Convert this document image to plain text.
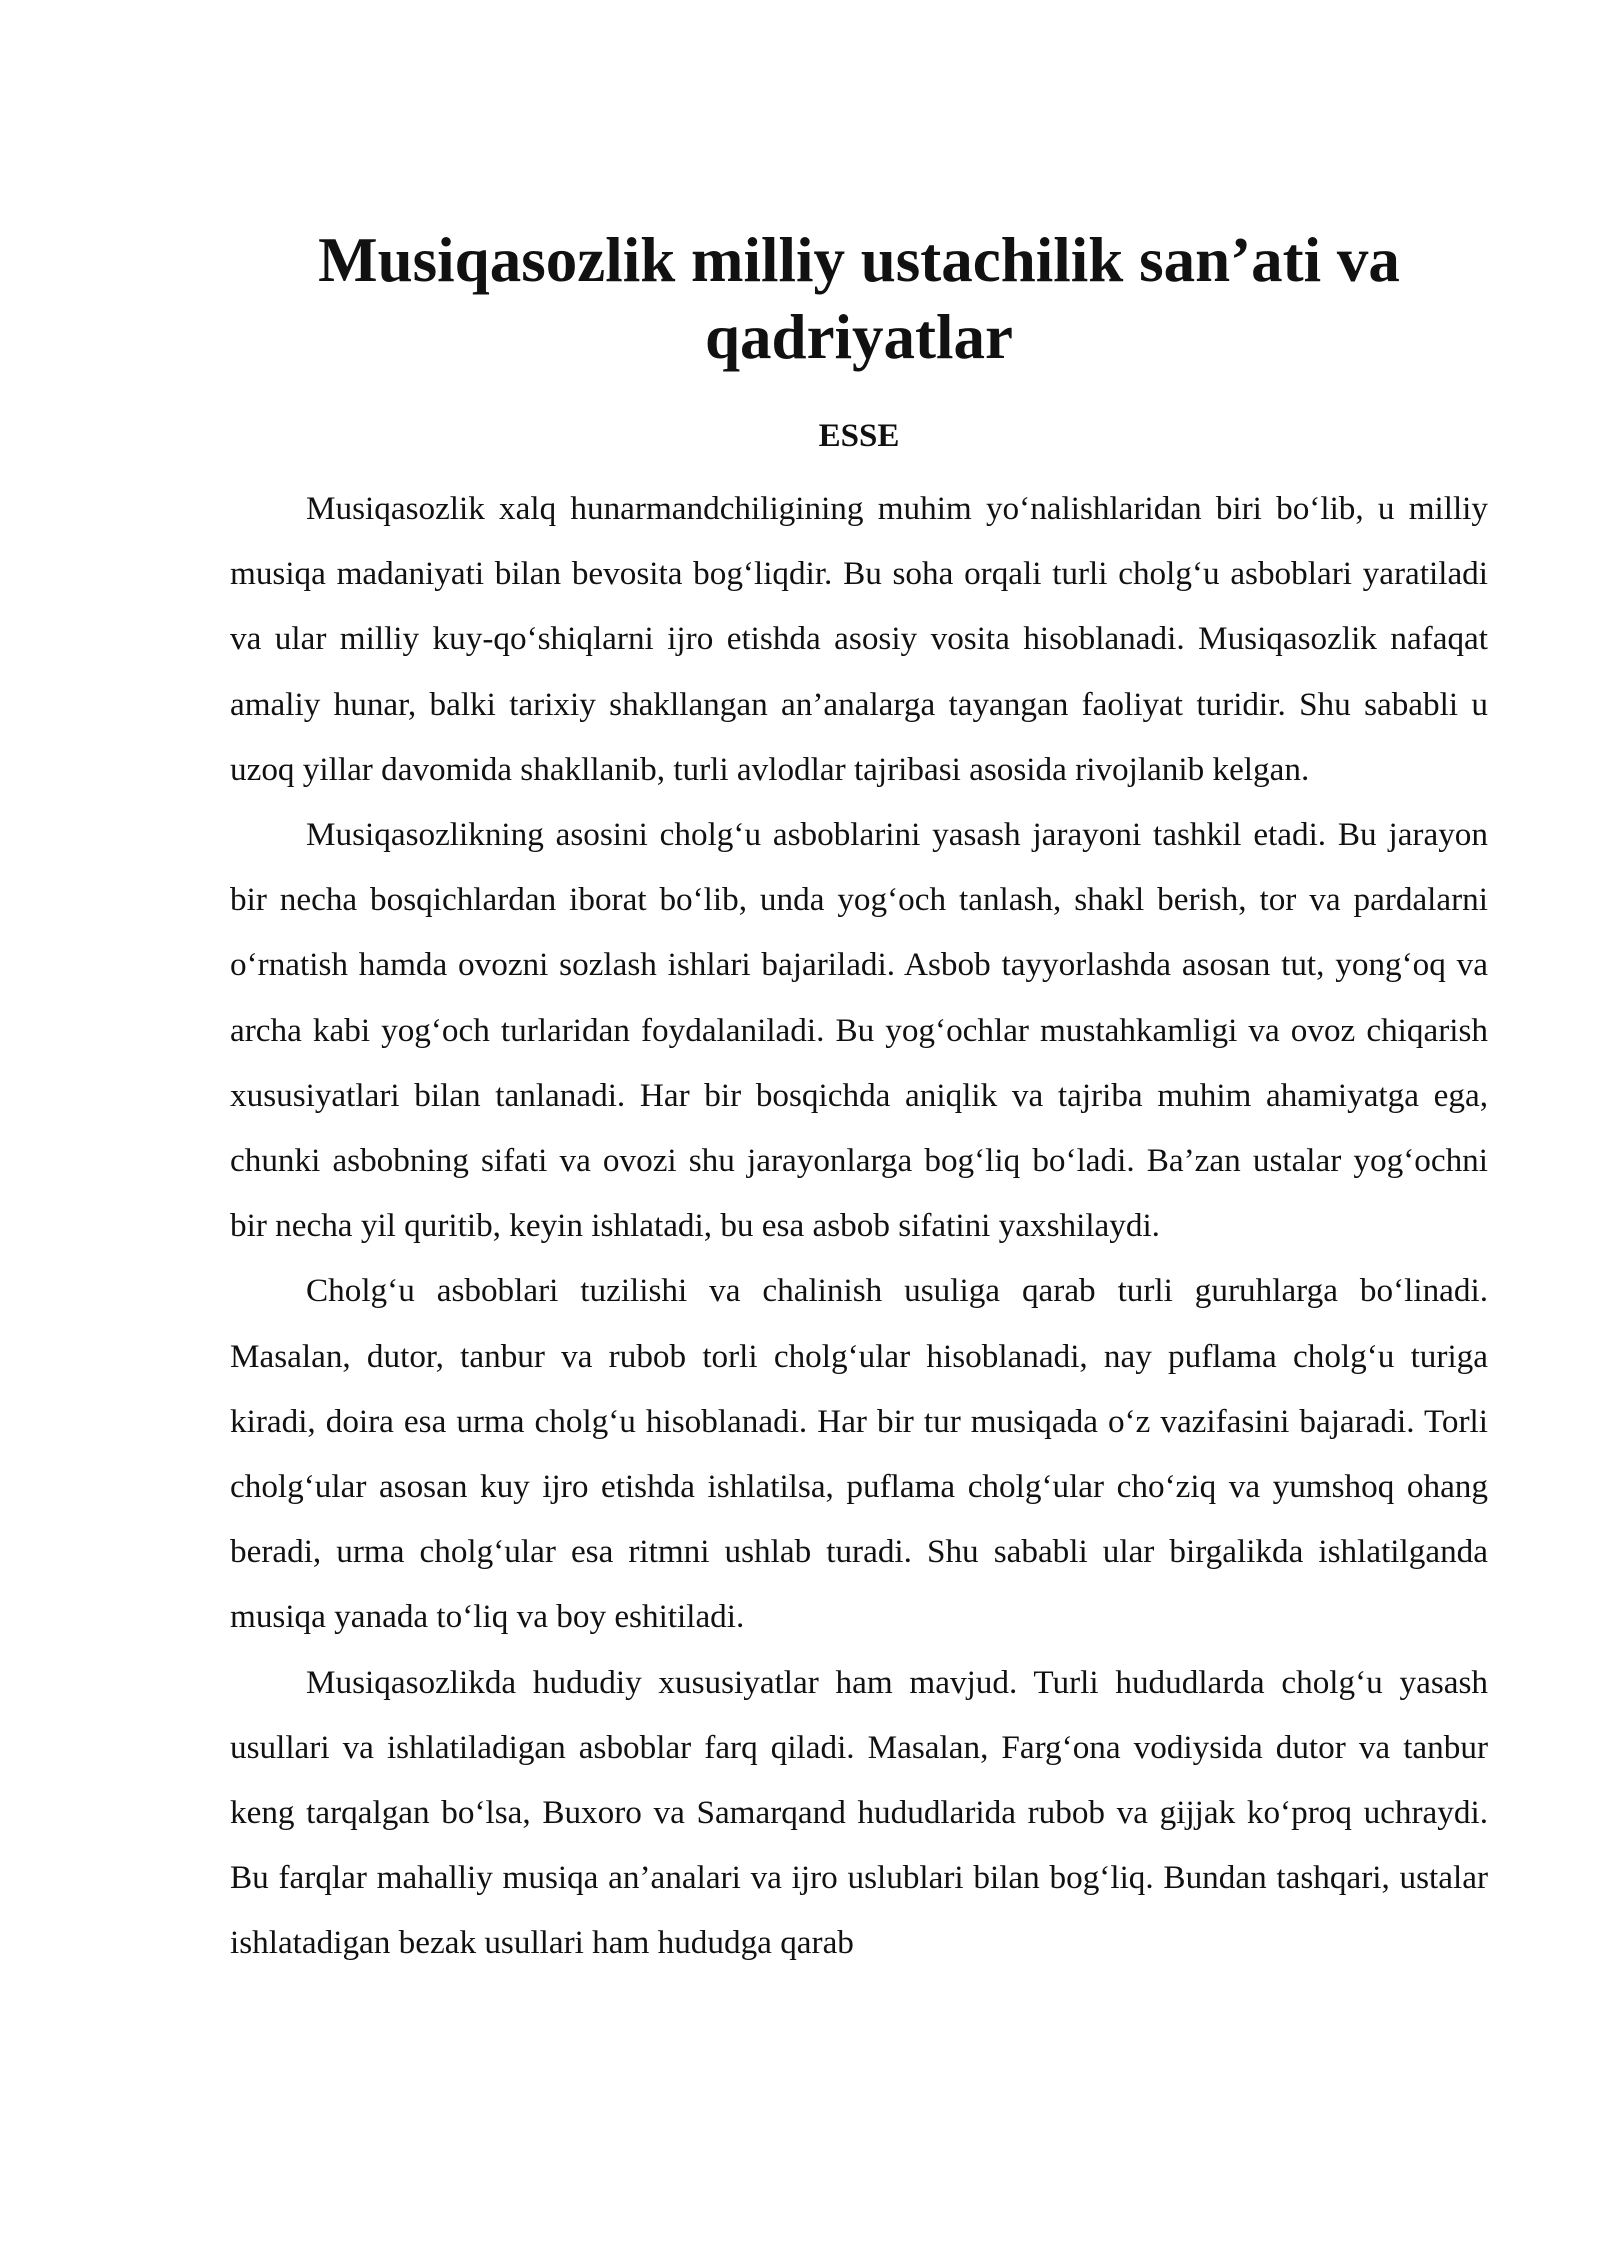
Musiqasozlik milliy ustachilik san’ati va qadriyatlar
ESSE

Musiqasozlik xalq hunarmandchiligining muhim yo‘nalishlaridan biri bo‘lib, u milliy musiqa madaniyati bilan bevosita bog‘liqdir. Bu soha orqali turli cholg‘u asboblari yaratiladi va ular milliy kuy-qo‘shiqlarni ijro etishda asosiy vosita hisoblanadi. Musiqasozlik nafaqat amaliy hunar, balki tarixiy shakllangan an’analarga tayangan faoliyat turidir. Shu sababli u uzoq yillar davomida shakllanib, turli avlodlar tajribasi asosida rivojlanib kelgan.

Musiqasozlikning asosini cholg‘u asboblarini yasash jarayoni tashkil etadi. Bu jarayon bir necha bosqichlardan iborat bo‘lib, unda yog‘och tanlash, shakl berish, tor va pardalarni o‘rnatish hamda ovozni sozlash ishlari bajariladi. Asbob tayyorlashda asosan tut, yong‘oq va archa kabi yog‘och turlaridan foydalaniladi. Bu yog‘ochlar mustahkamligi va ovoz chiqarish xususiyatlari bilan tanlanadi. Har bir bosqichda aniqlik va tajriba muhim ahamiyatga ega, chunki asbobning sifati va ovozi shu jarayonlarga bog‘liq bo‘ladi. Ba’zan ustalar yog‘ochni bir necha yil quritib, keyin ishlatadi, bu esa asbob sifatini yaxshilaydi.

Cholg‘u asboblari tuzilishi va chalinish usuliga qarab turli guruhlarga bo‘linadi. Masalan, dutor, tanbur va rubob torli cholg‘ular hisoblanadi, nay puflama cholg‘u turiga kiradi, doira esa urma cholg‘u hisoblanadi. Har bir tur musiqada o‘z vazifasini bajaradi. Torli cholg‘ular asosan kuy ijro etishda ishlatilsa, puflama cholg‘ular cho‘ziq va yumshoq ohang beradi, urma cholg‘ular esa ritmni ushlab turadi. Shu sababli ular birgalikda ishlatilganda musiqa yanada to‘liq va boy eshitiladi.

Musiqasozlikda hududiy xususiyatlar ham mavjud. Turli hududlarda cholg‘u yasash usullari va ishlatiladigan asboblar farq qiladi. Masalan, Farg‘ona vodiysida dutor va tanbur keng tarqalgan bo‘lsa, Buxoro va Samarqand hududlarida rubob va gijjak ko‘proq uchraydi. Bu farqlar mahalliy musiqa an’analari va ijro uslublari bilan bog‘liq. Bundan tashqari, ustalar ishlatadigan bezak usullari ham hududga qarab
